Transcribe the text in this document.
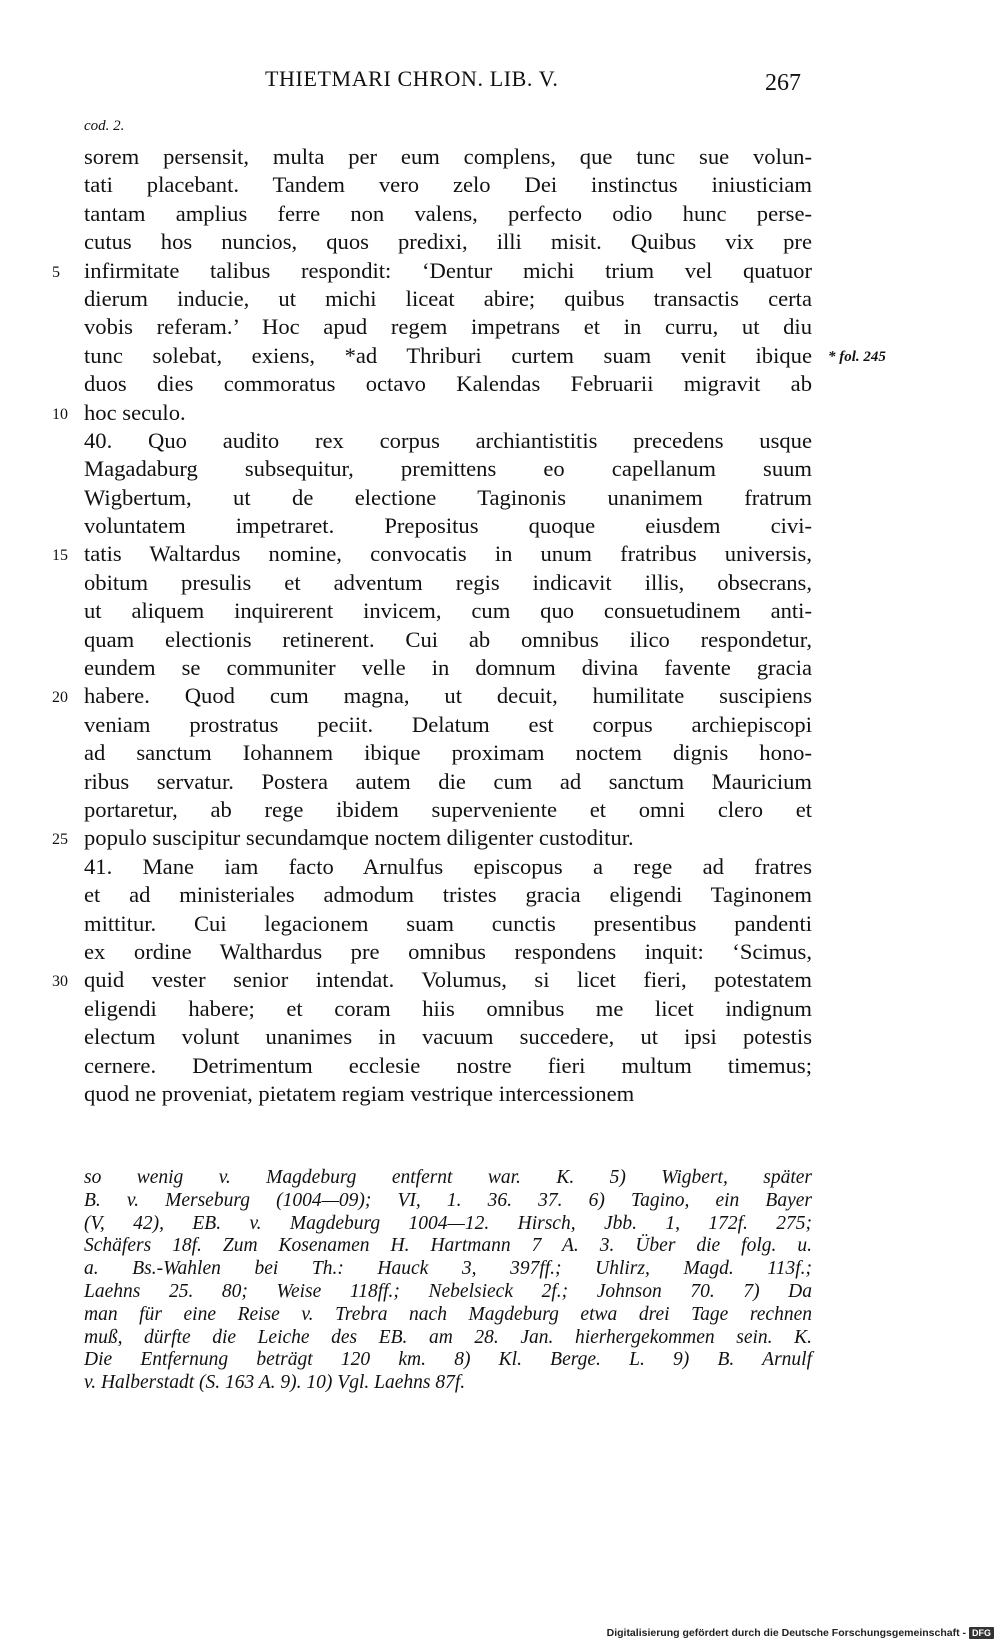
THIETMARI CHRON. LIB. V.	267
cod. 2.
sorem persensit, multa per eum complens, que tunc sue volun-
tati placebant. Tandem vero zelo Dei instinctus iniusticiam
tantam amplius ferre non valens, perfecto odio hunc perse-
cutus hos nuncios, quos predixi, illi misit. Quibus vix pre
5	infirmitate talibus respondit: ‘Dentur michi trium vel quatuor
dierum inducie, ut michi liceat abire; quibus transactis certa
vobis referam.’ Hoc apud regem impetrans et in curru, ut diu
tunc solebat, exiens, *ad Thriburi curtem suam venit ibique * fol. 245
duos dies commoratus octavo Kalendas Februarii migravit ab
10 hoc seculo.
40. Quo audito rex corpus archiantistitis precedens usque
Magadaburg subsequitur, premittens eo capellanum suum
Wigbertum, ut de electione Taginonis unanimem fratrum
voluntatem impetraret. Prepositus quoque eiusdem civi-
15 tatis Waltardus nomine, convocatis in unum fratribus universis,
obitum presulis et adventum regis indicavit illis, obsecrans,
ut aliquem inquirerent invicem, cum quo consuetudinem anti-
quam electionis retinerent. Cui ab omnibus ilico respondetur,
eundem se communiter velle in domnum divina favente gracia
20 habere. Quod cum magna, ut decuit, humilitate suscipiens
veniam prostratus peciit. Delatum est corpus archiepiscopi
ad sanctum Iohannem ibique proximam noctem dignis hono-
ribus servatur. Postera autem die cum ad sanctum Mauricium
portaretur, ab rege ibidem superveniente et omni clero et
25 populo suscipitur secundamque noctem diligenter custoditur.
41. Mane iam facto Arnulfus episcopus a rege ad fratres
et ad ministeriales admodum tristes gracia eligendi Taginonem
mittitur. Cui legacionem suam cunctis presentibus pandenti
ex ordine Walthardus pre omnibus respondens inquit: ‘Scimus,
30 quid vester senior intendat. Volumus, si licet fieri, potestatem
eligendi habere; et coram hiis omnibus me licet indignum
electum volunt unanimes in vacuum succedere, ut ipsi potestis
cernere. Detrimentum ecclesie nostre fieri multum timemus;
quod ne proveniat, pietatem regiam vestrique intercessionem
so wenig v. Magdeburg entfernt war. K. 5) Wigbert, später
B. v. Merseburg (1004—09); VI, 1. 36. 37. 6) Tagino, ein Bayer
(V, 42), EB. v. Magdeburg 1004—12. Hirsch, Jbb. 1, 172f. 275;
Schäfers 18f. Zum Kosenamen H. Hartmann 7 A. 3. Über die folg. u.
a. Bs.-Wahlen bei Th.: Hauck 3, 397ff.; Uhlirz, Magd. 113f.;
Laehns 25. 80; Weise 118ff.; Nebelsieck 2f.; Johnson 70. 7) Da
man für eine Reise v. Trebra nach Magdeburg etwa drei Tage rechnen
muß, dürfte die Leiche des EB. am 28. Jan. hierhergekommen sein. K.
Die Entfernung beträgt 120 km. 8) Kl. Berge. L. 9) B. Arnulf
v. Halberstadt (S. 163 A. 9). 10) Vgl. Laehns 87f.
Digitalisierung gefördert durch die Deutsche Forschungsgemeinschaft - DFG
